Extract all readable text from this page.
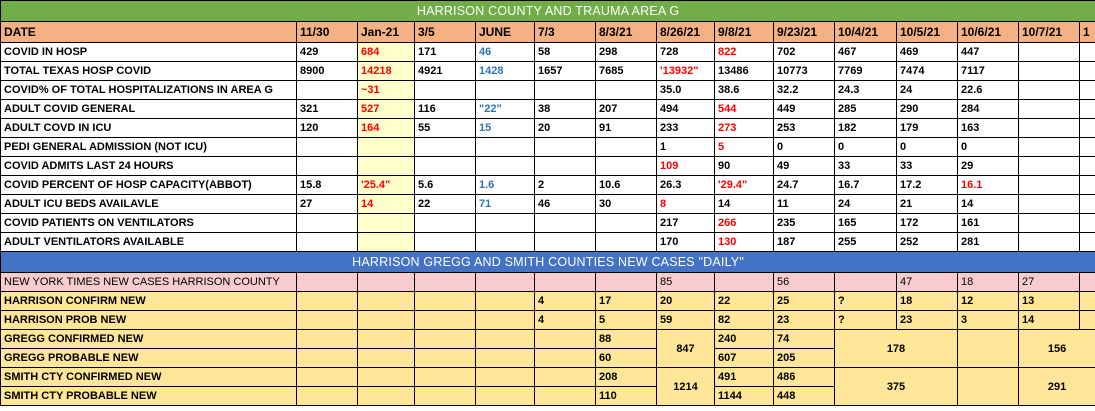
HARRISON COUNTY AND TRAUMA AREA G														
DATE	11/30	Jan-21	3/5	JUNE	7/3	8/3/21	8/26/21	9/8/21	9/23/21	10/4/21	10/5/21	10/6/21	10/7/21	1
COVID IN HOSP	429	684	171	46	58	298	728	822	702	467	469	447		
TOTAL TEXAS HOSP COVID	8900	14218	4921	1428	1657	7685	'13932"	13486	10773	7769	7474	7117		
COVID% OF TOTAL HOSPITALIZATIONS IN AREA G		~31					35.0	38.6	32.2	24.3	24	22.6		
ADULT COVID GENERAL	321	527	116	"22"	38	207	494	544	449	285	290	284		
ADULT COVD IN ICU	120	164	55	15	20	91	233	273	253	182	179	163		
PEDI GENERAL ADMISSION (NOT ICU)							1	5	0	0	0	0		
COVID ADMITS LAST 24 HOURS							109	90	49	33	33	29		
COVID PERCENT OF HOSP CAPACITY(ABBOT)	15.8	'25.4"	5.6	1.6	2	10.6	26.3	'29.4"	24.7	16.7	17.2	16.1		
ADULT ICU BEDS AVAILAVLE	27	14	22	71	46	30	8	14	11	24	21	14		
COVID PATIENTS ON VENTILATORS							217	266	235	165	172	161		
ADULT VENTILATORS AVAILABLE							170	130	187	255	252	281		
HARRISON GREGG AND SMITH COUNTIES NEW CASES "DAILY"														
NEW YORK TIMES NEW CASES HARRISON COUNTY							85		56		47	18	27	
HARRISON CONFIRM NEW					4	17	20	22	25	?	18	12	13	
HARRISON PROB NEW					4	5	59	82	23	?	23	3	14	
GREGG CONFIRMED NEW						88	847	240	74	178			156	
GREGG PROBABLE NEW						60		607	205					
SMITH CTY CONFIRMED NEW						208	1214	491	486	375			291	
SMITH CTY PROBABLE NEW						110		1144	448					
